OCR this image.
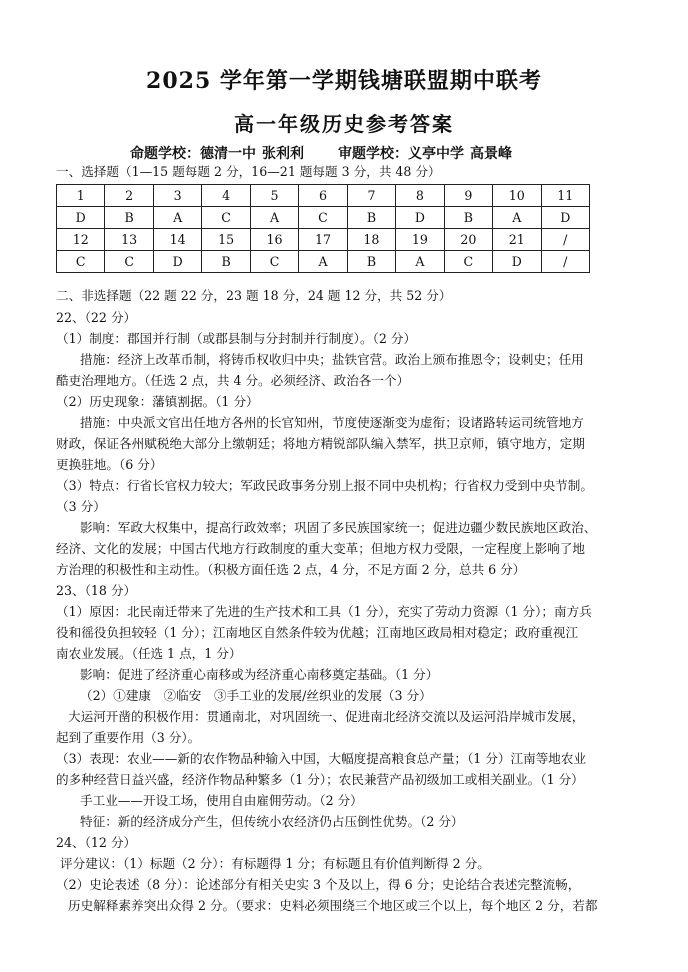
2025 学年第一学期钱塘联盟期中联考
高一年级历史参考答案
命题学校：德清一中 张利利 审题学校：义亭中学 高景峰
一、选择题（1—15 题每题 2 分，16—21 题每题 3 分，共 48 分）
1	2	3	4	5	6	7	8	9	10	11
D	B	A	C	A	C	B	D	B	A	D
12	13	14	15	16	17	18	19	20	21	/
C	C	D	B	C	A	B	A	C	D	/
二、非选择题（22 题 22 分，23 题 18 分，24 题 12 分，共 52 分）
22、（22 分）
（1）制度：郡国并行制（或郡县制与分封制并行制度）。（2 分）
措施：经济上改革币制，将铸币权收归中央；盐铁官营。政治上颁布推恩令；设刺史；任用
酷吏治理地方。（任选 2 点，共 4 分。必须经济、政治各一个）
（2）历史现象：藩镇割据。（1 分）
措施：中央派文官出任地方各州的长官知州，节度使逐渐变为虚衔；设诸路转运司统管地方
财政，保证各州赋税绝大部分上缴朝廷；将地方精锐部队编入禁军，拱卫京师，镇守地方，定期
更换驻地。（6 分）
（3）特点：行省长官权力较大；军政民政事务分别上报不同中央机构；行省权力受到中央节制。
（3 分）
影响：军政大权集中，提高行政效率；巩固了多民族国家统一；促进边疆少数民族地区政治、
经济、文化的发展；中国古代地方行政制度的重大变革；但地方权力受限，一定程度上影响了地
方治理的积极性和主动性。（积极方面任选 2 点，4 分，不足方面 2 分，总共 6 分）
23、（18 分）
（1）原因：北民南迁带来了先进的生产技术和工具（1 分），充实了劳动力资源（1 分）；南方兵
役和徭役负担较轻（1 分）；江南地区自然条件较为优越；江南地区政局相对稳定；政府重视江
南农业发展。（任选 1 点，1 分）
影响：促进了经济重心南移或为经济重心南移奠定基础。（1 分）
（2）①建康　②临安　③手工业的发展/丝织业的发展（3 分）
大运河开凿的积极作用：贯通南北，对巩固统一、促进南北经济交流以及运河沿岸城市发展，
起到了重要作用（3 分）。
（3）表现：农业——新的农作物品种输入中国，大幅度提高粮食总产量；（1 分）江南等地农业
的多种经营日益兴盛，经济作物品种繁多（1 分）；农民兼营产品初级加工或相关副业。（1 分）
手工业——开设工场，使用自由雇佣劳动。（2 分）
特征：新的经济成分产生，但传统小农经济仍占压倒性优势。（2 分）
24、（12 分）
评分建议：（1）标题（2 分）：有标题得 1 分；有标题且有价值判断得 2 分。
（2）史论表述（8 分）：论述部分有相关史实 3 个及以上，得 6 分；史论结合表述完整流畅，
历史解释素养突出众得 2 分。（要求：史料必须围绕三个地区或三个以上，每个地区 2 分，若都
